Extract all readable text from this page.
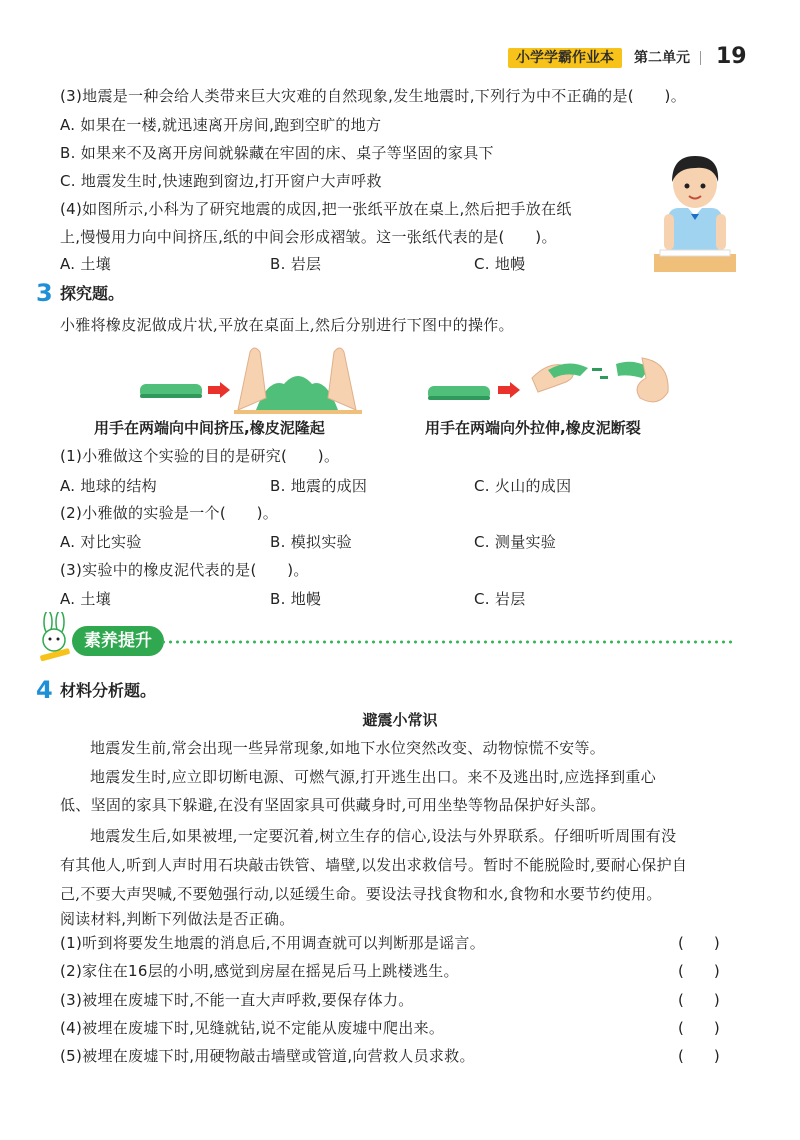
小学学霸作业本	第二单元 19
(3)地震是一种会给人类带来巨大灾难的自然现象,发生地震时,下列行为中不正确的是(　　)。
A. 如果在一楼,就迅速离开房间,跑到空旷的地方
B. 如果来不及离开房间就躲藏在牢固的床、桌子等坚固的家具下
C. 地震发生时,快速跑到窗边,打开窗户大声呼救
(4)如图所示,小科为了研究地震的成因,把一张纸平放在桌上,然后把手放在纸
上,慢慢用力向中间挤压,纸的中间会形成褶皱。这一张纸代表的是(　　)。
A. 土壤	B. 岩层	C. 地幔
3 探究题。
小雅将橡皮泥做成片状,平放在桌面上,然后分别进行下图中的操作。
用手在两端向中间挤压,橡皮泥隆起	用手在两端向外拉伸,橡皮泥断裂
(1)小雅做这个实验的目的是研究(　　)。
A. 地球的结构	B. 地震的成因	C. 火山的成因
(2)小雅做的实验是一个(　　)。
A. 对比实验	B. 模拟实验	C. 测量实验
(3)实验中的橡皮泥代表的是(　　)。
A. 土壤	B. 地幔	C. 岩层
素养提升
4 材料分析题。
避震小常识
地震发生前,常会出现一些异常现象,如地下水位突然改变、动物惊慌不安等。
地震发生时,应立即切断电源、可燃气源,打开逃生出口。来不及逃出时,应选择到重心
低、坚固的家具下躲避,在没有坚固家具可供藏身时,可用坐垫等物品保护好头部。
地震发生后,如果被埋,一定要沉着,树立生存的信心,设法与外界联系。仔细听听周围有没
有其他人,听到人声时用石块敲击铁管、墙壁,以发出求救信号。暂时不能脱险时,要耐心保护自
己,不要大声哭喊,不要勉强行动,以延缓生命。要设法寻找食物和水,食物和水要节约使用。
阅读材料,判断下列做法是否正确。
(1)听到将要发生地震的消息后,不用调查就可以判断那是谣言。	(　　)
(2)家住在16层的小明,感觉到房屋在摇晃后马上跳楼逃生。	(　　)
(3)被埋在废墟下时,不能一直大声呼救,要保存体力。	(　　)
(4)被埋在废墟下时,见缝就钻,说不定能从废墟中爬出来。	(　　)
(5)被埋在废墟下时,用硬物敲击墙壁或管道,向营救人员求救。	(　　)
